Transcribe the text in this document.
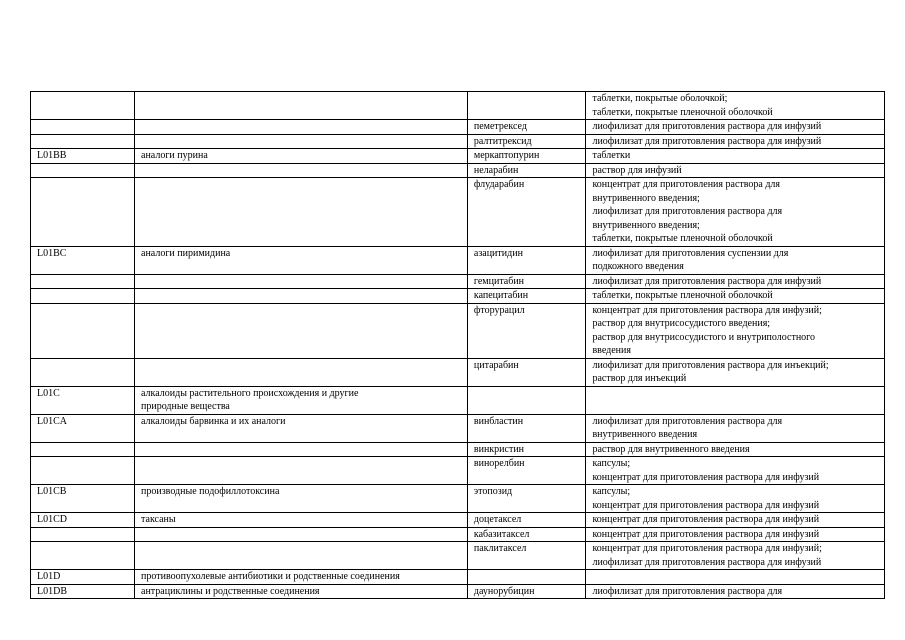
			таблетки, покрытые оболочкой;
таблетки, покрытые пленочной оболочкой
		пеметрексед	лиофилизат для приготовления раствора для инфузий
		ралтитрексид	лиофилизат для приготовления раствора для инфузий
L01BB	аналоги пурина	меркаптопурин	таблетки
		неларабин	раствор для инфузий
		флударабин	концентрат для приготовления раствора для
внутривенного введения;
лиофилизат для приготовления раствора для
внутривенного введения;
таблетки, покрытые пленочной оболочкой
L01BC	аналоги пиримидина	азацитидин	лиофилизат для приготовления суспензии для
подкожного введения
		гемцитабин	лиофилизат для приготовления раствора для инфузий
		капецитабин	таблетки, покрытые пленочной оболочкой
		фторурацил	концентрат для приготовления раствора для инфузий;
раствор для внутрисосудистого введения;
раствор для внутрисосудистого и внутриполостного
введения
		цитарабин	лиофилизат для приготовления раствора для инъекций;
раствор для инъекций
L01C	алкалоиды растительного происхождения и другие
природные вещества		
L01CA	алкалоиды барвинка и их аналоги	винбластин	лиофилизат для приготовления раствора для
внутривенного введения
		винкристин	раствор для внутривенного введения
		винорелбин	капсулы;
концентрат для приготовления раствора для инфузий
L01CB	производные подофиллотоксина	этопозид	капсулы;
концентрат для приготовления раствора для инфузий
L01CD	таксаны	доцетаксел	концентрат для приготовления раствора для инфузий
		кабазитаксел	концентрат для приготовления раствора для инфузий
		паклитаксел	концентрат для приготовления раствора для инфузий;
лиофилизат для приготовления раствора для инфузий
L01D	противоопухолевые антибиотики и родственные соединения		
L01DB	антрациклины и родственные соединения	даунорубицин	лиофилизат для приготовления раствора для
